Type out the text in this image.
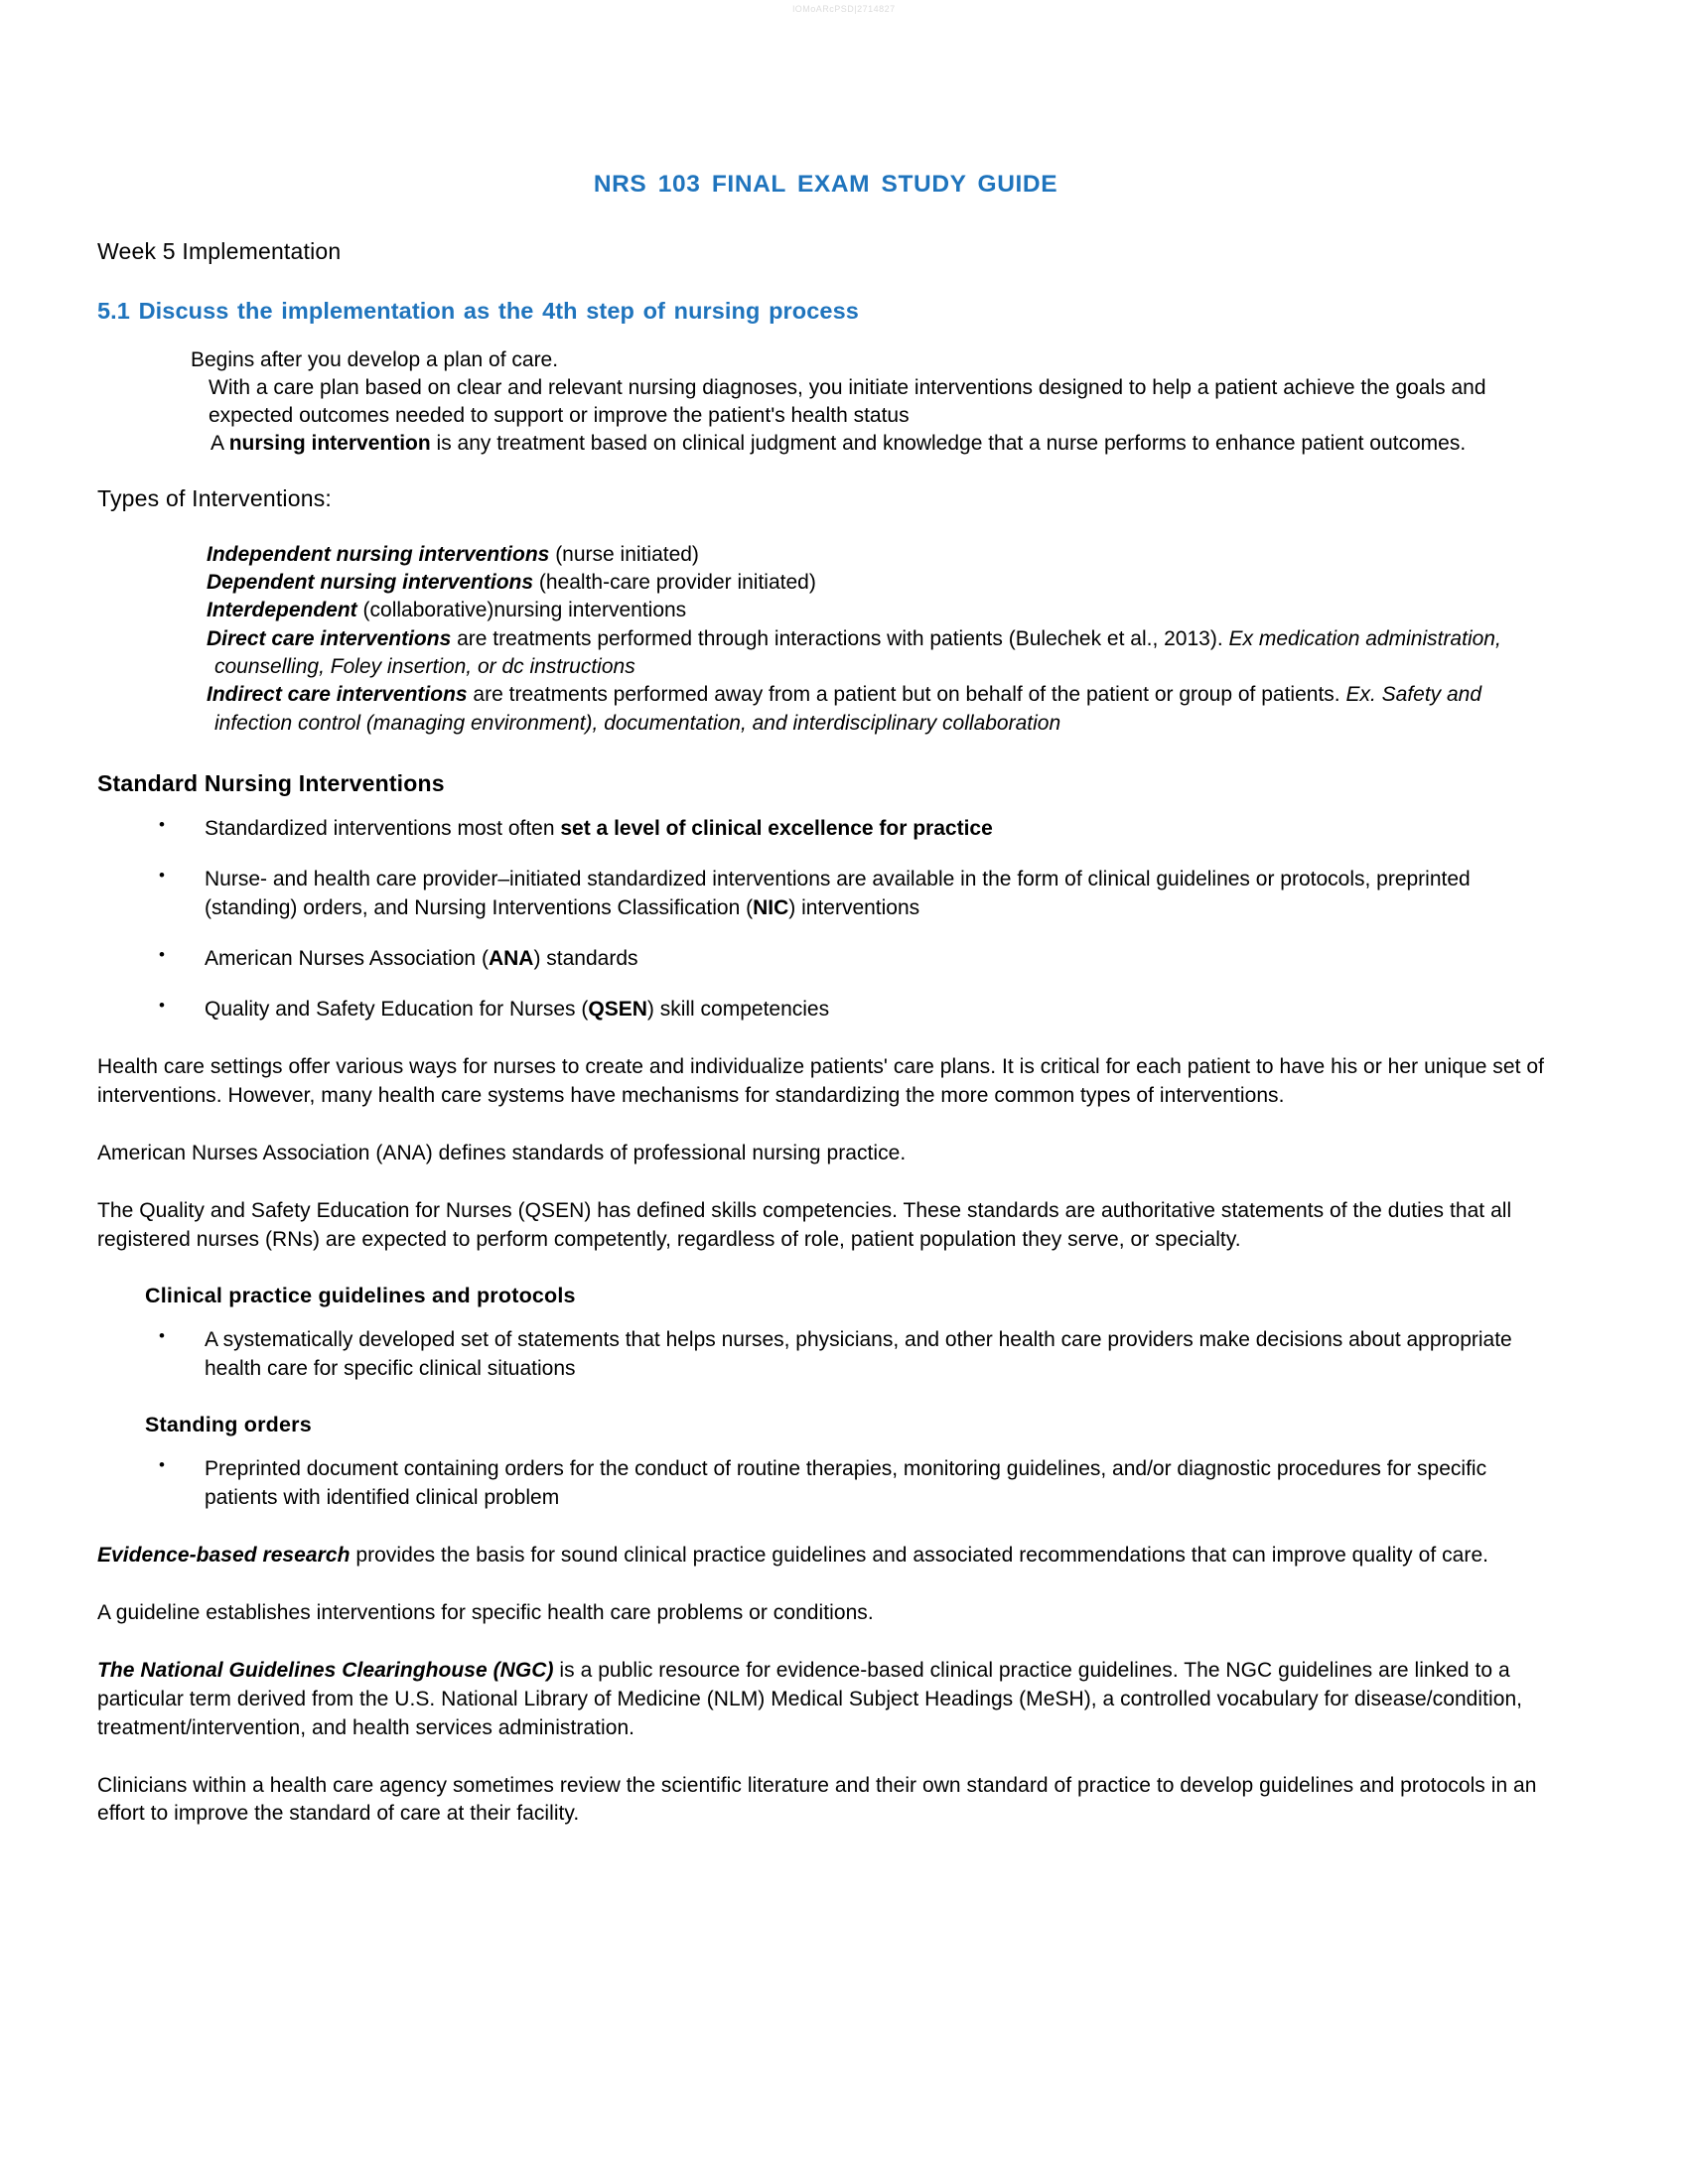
lOMoARcPSD|2714827
NRS 103 FINAL EXAM STUDY GUIDE
Week 5 Implementation
5.1 Discuss the implementation as the 4th step of nursing process
Begins after you develop a plan of care.
With a care plan based on clear and relevant nursing diagnoses, you initiate interventions designed to help a patient achieve the goals and expected outcomes needed to support or improve the patient's health status
A nursing intervention is any treatment based on clinical judgment and knowledge that a nurse performs to enhance patient outcomes.
Types of Interventions:
Independent nursing interventions (nurse initiated)
Dependent nursing interventions (health-care provider initiated)
Interdependent (collaborative)nursing interventions
Direct care interventions are treatments performed through interactions with patients (Bulechek et al., 2013). Ex medication administration, counselling, Foley insertion, or dc instructions
Indirect care interventions are treatments performed away from a patient but on behalf of the patient or group of patients. Ex. Safety and infection control (managing environment), documentation, and interdisciplinary collaboration
Standard Nursing Interventions
• Standardized interventions most often set a level of clinical excellence for practice
• Nurse- and health care provider–initiated standardized interventions are available in the form of clinical guidelines or protocols, preprinted (standing) orders, and Nursing Interventions Classification (NIC) interventions
• American Nurses Association (ANA) standards
• Quality and Safety Education for Nurses (QSEN) skill competencies

Health care settings offer various ways for nurses to create and individualize patients' care plans. It is critical for each patient to have his or her unique set of interventions. However, many health care systems have mechanisms for standardizing the more common types of interventions.

American Nurses Association (ANA) defines standards of professional nursing practice.

The Quality and Safety Education for Nurses (QSEN) has defined skills competencies. These standards are authoritative statements of the duties that all registered nurses (RNs) are expected to perform competently, regardless of role, patient population they serve, or specialty.

Clinical practice guidelines and protocols
• A systematically developed set of statements that helps nurses, physicians, and other health care providers make decisions about appropriate health care for specific clinical situations
Standing orders
• Preprinted document containing orders for the conduct of routine therapies, monitoring guidelines, and/or diagnostic procedures for specific patients with identified clinical problem

Evidence-based research provides the basis for sound clinical practice guidelines and associated recommendations that can improve quality of care.

A guideline establishes interventions for specific health care problems or conditions.

The National Guidelines Clearinghouse (NGC) is a public resource for evidence-based clinical practice guidelines. The NGC guidelines are linked to a particular term derived from the U.S. National Library of Medicine (NLM) Medical Subject Headings (MeSH), a controlled vocabulary for disease/condition, treatment/intervention, and health services administration.

Clinicians within a health care agency sometimes review the scientific literature and their own standard of practice to develop guidelines and protocols in an effort to improve the standard of care at their facility.
